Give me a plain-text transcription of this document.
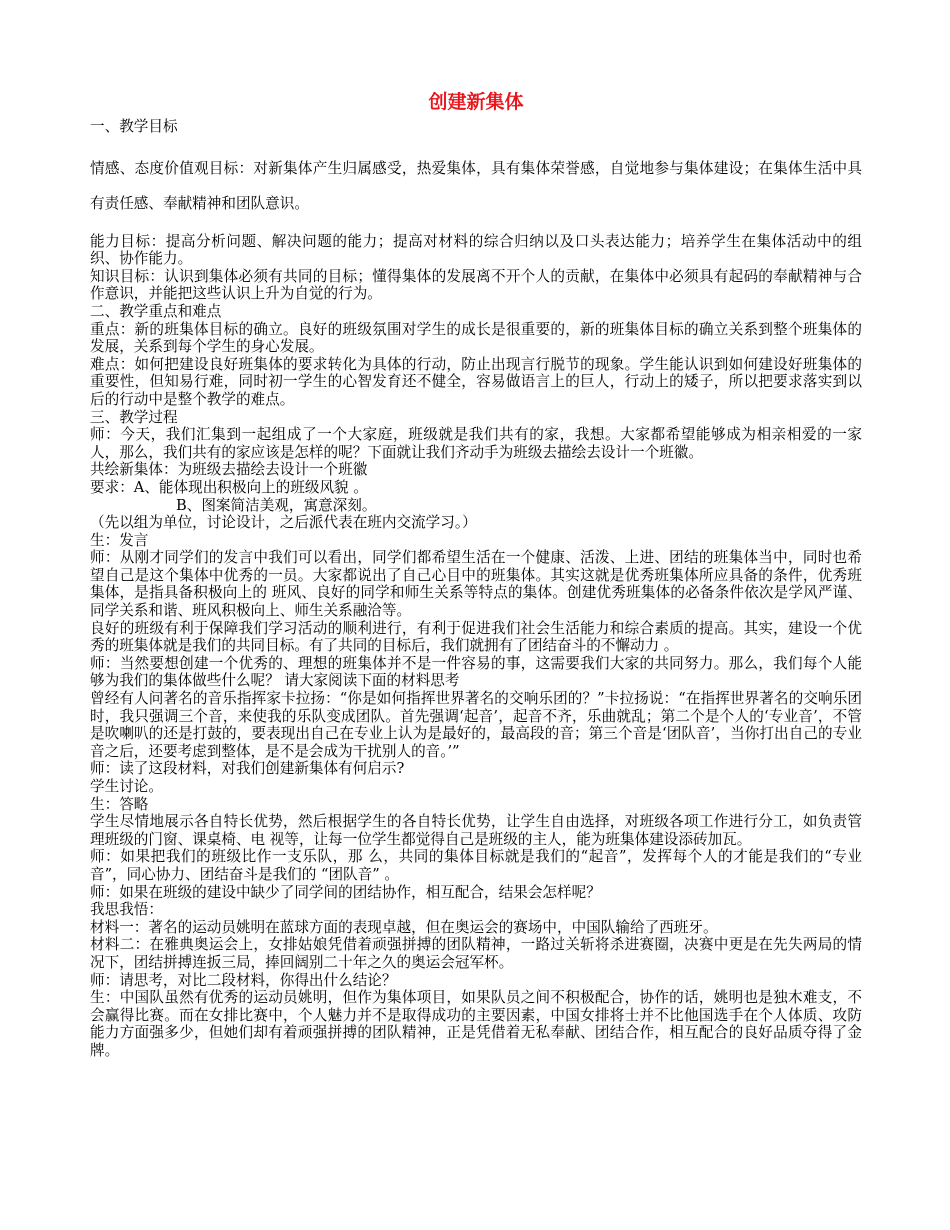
创建新集体

一、教学目标

情感、态度价值观目标：对新集体产生归属感受，热爱集体，具有集体荣誉感，自觉地参与集体建设；在集体生活中具有责任感、奉献精神和团队意识。

能力目标：提高分析问题、解决问题的能力；提高对材料的综合归纳以及口头表达能力；培养学生在集体活动中的组织、协作能力。

知识目标：认识到集体必须有共同的目标；懂得集体的发展离不开个人的贡献，在集体中必须具有起码的奉献精神与合作意识，并能把这些认识上升为自觉的行为。

二、教学重点和难点

重点：新的班集体目标的确立。良好的班级氛围对学生的成长是很重要的，新的班集体目标的确立关系到整个班集体的发展，关系到每个学生的身心发展。

难点：如何把建设良好班集体的要求转化为具体的行动，防止出现言行脱节的现象。学生能认识到如何建设好班集体的重要性，但知易行难，同时初一学生的心智发育还不健全，容易做语言上的巨人，行动上的矮子，所以把要求落实到以后的行动中是整个教学的难点。

三、教学过程

师：今天，我们汇集到一起组成了一个大家庭，班级就是我们共有的家，我想。大家都希望能够成为相亲相爱的一家人，那么，我们共有的家应该是怎样的呢？下面就让我们齐动手为班级去描绘去设计一个班徽。

共绘新集体：为班级去描绘去设计一个班徽

要求：A、能体现出积极向上的班级风貌 。

B、图案简洁美观，寓意深刻。

（先以组为单位，讨论设计，之后派代表在班内交流学习。）

生：发言

师：从刚才同学们的发言中我们可以看出，同学们都希望生活在一个健康、活泼、上进、团结的班集体当中，同时也希望自己是这个集体中优秀的一员。大家都说出了自己心目中的班集体。其实这就是优秀班集体所应具备的条件，优秀班集体，是指具备积极向上的 班风、良好的同学和师生关系等特点的集体。创建优秀班集体的必备条件依次是学风严谨、同学关系和谐、班风积极向上、师生关系融洽等。

良好的班级有利于保障我们学习活动的顺利进行，有利于促进我们社会生活能力和综合素质的提高。其实，建设一个优秀的班集体就是我们的共同目标。有了共同的目标后，我们就拥有了团结奋斗的不懈动力 。

师：当然要想创建一个优秀的、理想的班集体并不是一件容易的事，这需要我们大家的共同努力。那么，我们每个人能够为我们的集体做些什么呢？ 请大家阅读下面的材料思考

曾经有人问著名的音乐指挥家卡拉扬：“你是如何指挥世界著名的交响乐团的？”卡拉扬说：“在指挥世界著名的交响乐团时，我只强调三个音，来使我的乐队变成团队。首先强调‘起音’，起音不齐，乐曲就乱；第二个是个人的‘专业音’，不管是吹喇叭的还是打鼓的，要表现出自己在专业上认为是最好的，最高段的音；第三个音是‘团队音’，当你打出自己的专业音之后，还要考虑到整体，是不是会成为干扰别人的音。’”

师：读了这段材料，对我们创建新集体有何启示?

学生讨论。

生：答略

学生尽情地展示各自特长优势，然后根据学生的各自特长优势，让学生自由选择，对班级各项工作进行分工，如负责管理班级的门窗、课桌椅、电 视等，让每一位学生都觉得自己是班级的主人，能为班集体建设添砖加瓦。

师：如果把我们的班级比作一支乐队，那 么，共同的集体目标就是我们的“起音”，发挥每个人的才能是我们的“专业音”，同心协力、团结奋斗是我们的 “团队音” 。

师：如果在班级的建设中缺少了同学间的团结协作，相互配合，结果会怎样呢？

我思我悟：

材料一：著名的运动员姚明在蓝球方面的表现卓越，但在奥运会的赛场中，中国队输给了西班牙。

材料二：在雅典奥运会上，女排姑娘凭借着顽强拼搏的团队精神，一路过关斩将杀进赛圈，决赛中更是在先失两局的情况下，团结拼搏连扳三局，捧回阔别二十年之久的奥运会冠军杯。

师：请思考，对比二段材料，你得出什么结论？

生：中国队虽然有优秀的运动员姚明，但作为集体项目，如果队员之间不积极配合，协作的话，姚明也是独木难支，不会赢得比赛。而在女排比赛中，个人魅力并不是取得成功的主要因素，中国女排将士并不比他国选手在个人体质、攻防能力方面强多少，但她们却有着顽强拼搏的团队精神，正是凭借着无私奉献、团结合作，相互配合的良好品质夺得了金牌。
